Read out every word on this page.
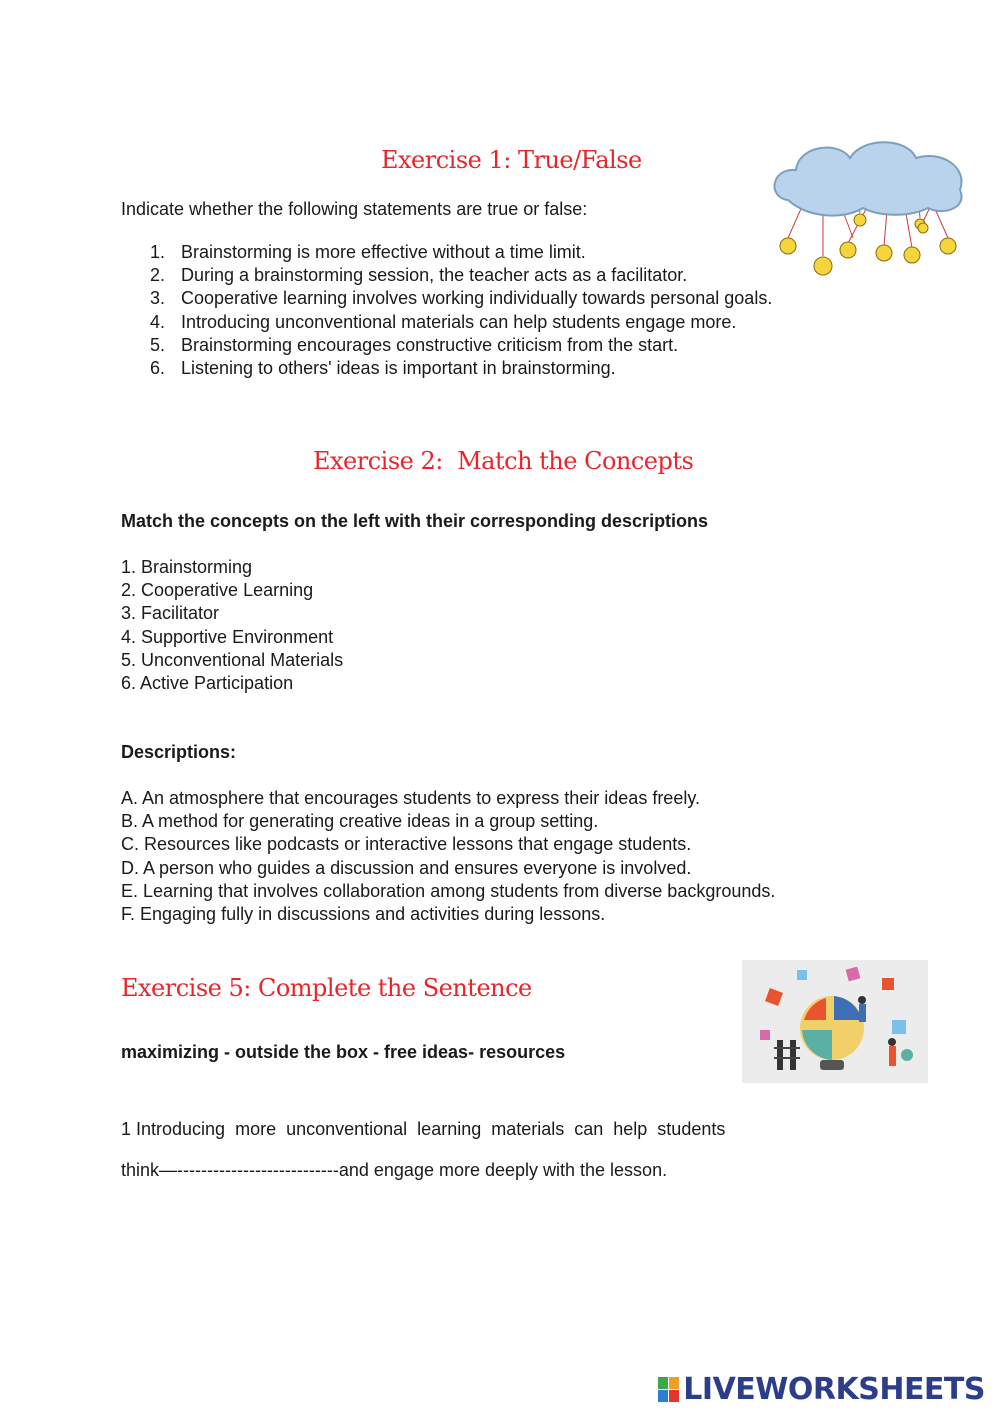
Exercise 1: True/False
Indicate whether the following statements are true or false:
1. Brainstorming is more effective without a time limit.
2. During a brainstorming session, the teacher acts as a facilitator.
3. Cooperative learning involves working individually towards personal goals.
4. Introducing unconventional materials can help students engage more.
5. Brainstorming encourages constructive criticism from the start.
6. Listening to others' ideas is important in brainstorming.
Exercise 2:  Match the Concepts
Match the concepts on the left with their corresponding descriptions
1. Brainstorming
2. Cooperative Learning
3. Facilitator
4. Supportive Environment
5. Unconventional Materials
6. Active Participation
Descriptions:
A. An atmosphere that encourages students to express their ideas freely.
B. A method for generating creative ideas in a group setting.
C. Resources like podcasts or interactive lessons that engage students.
D. A person who guides a discussion and ensures everyone is involved.
E. Learning that involves collaboration among students from diverse backgrounds.
F. Engaging fully in discussions and activities during lessons.
Exercise 5: Complete the Sentence
maximizing - outside the box - free ideas- resources
1 Introducing  more  unconventional  learning  materials  can  help  students
think—---------------------------and engage more deeply with the lesson.
LIVEWORKSHEETS
